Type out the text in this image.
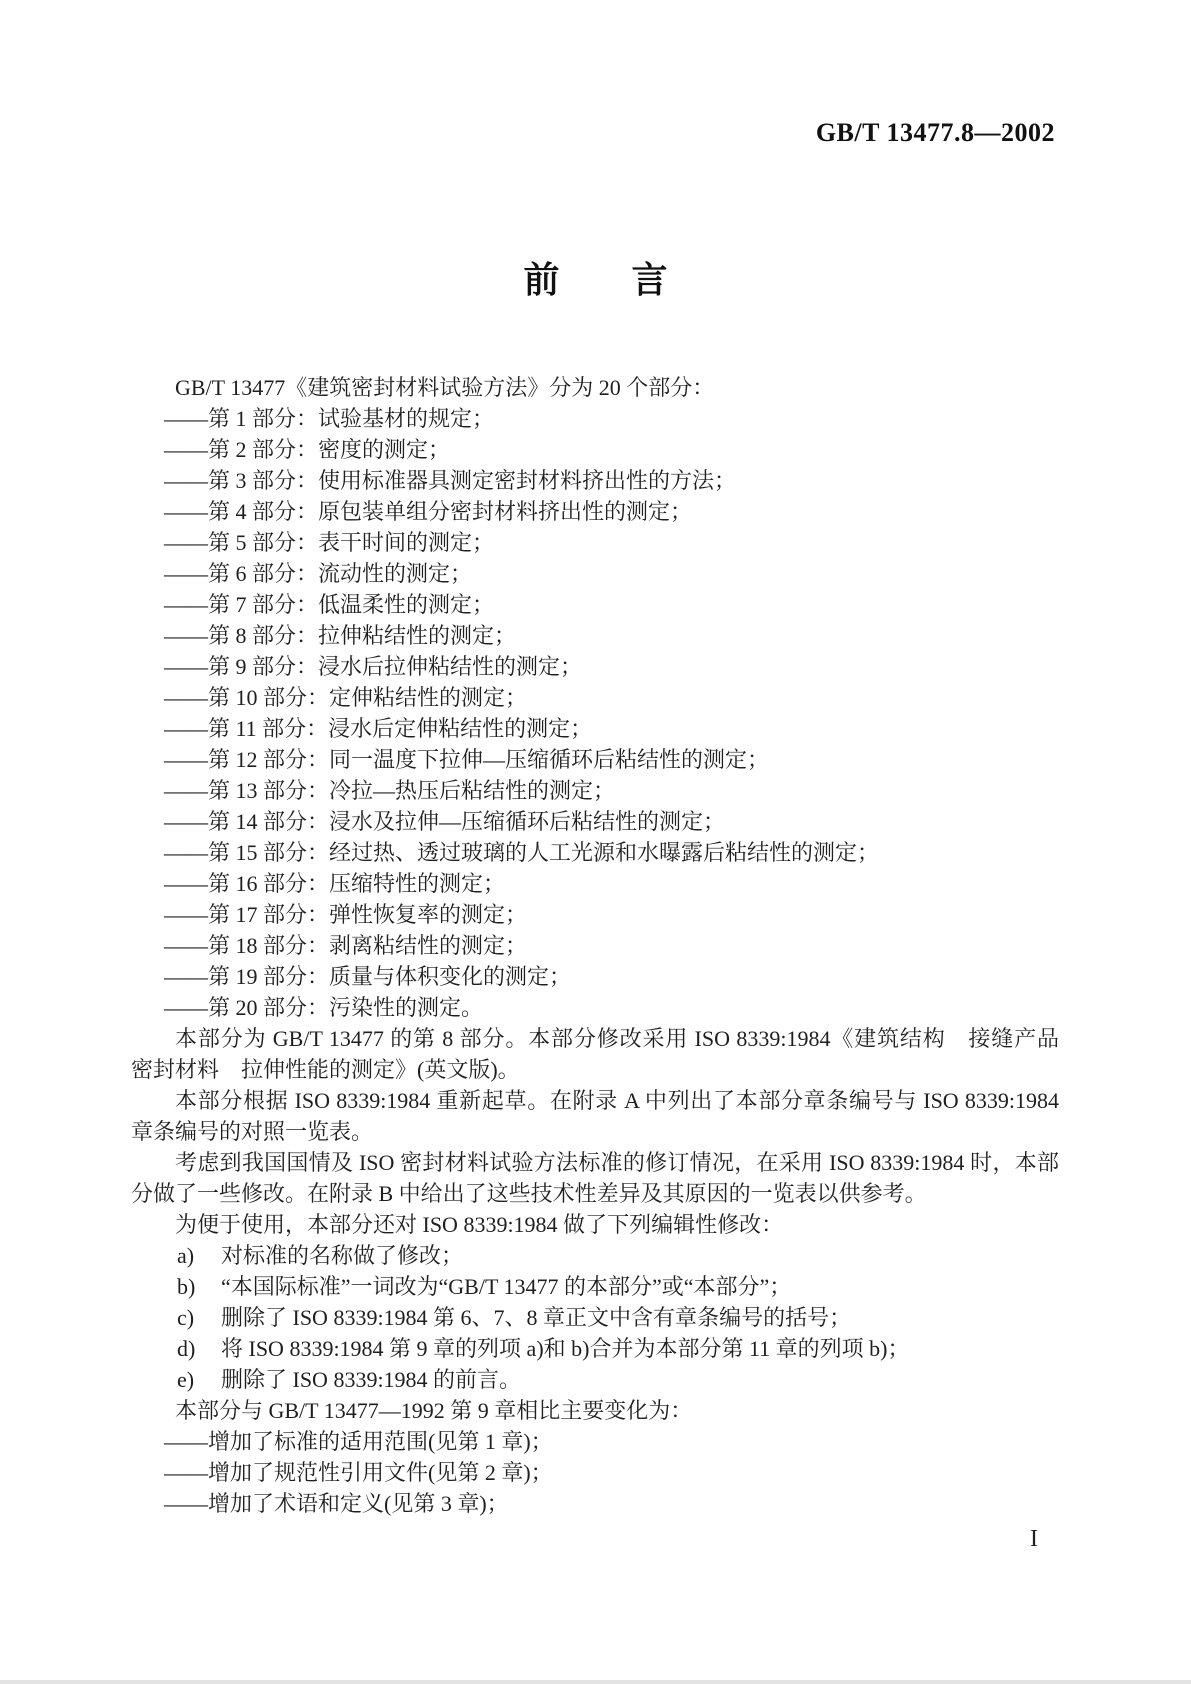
GB/T 13477.8—2002
前　　言

GB/T 13477《建筑密封材料试验方法》分为 20 个部分：

——第 1 部分：试验基材的规定；
——第 2 部分：密度的测定；
——第 3 部分：使用标准器具测定密封材料挤出性的方法；
——第 4 部分：原包装单组分密封材料挤出性的测定；
——第 5 部分：表干时间的测定；
——第 6 部分：流动性的测定；
——第 7 部分：低温柔性的测定；
——第 8 部分：拉伸粘结性的测定；
——第 9 部分：浸水后拉伸粘结性的测定；
——第 10 部分：定伸粘结性的测定；
——第 11 部分：浸水后定伸粘结性的测定；
——第 12 部分：同一温度下拉伸—压缩循环后粘结性的测定；
——第 13 部分：冷拉—热压后粘结性的测定；
——第 14 部分：浸水及拉伸—压缩循环后粘结性的测定；
——第 15 部分：经过热、透过玻璃的人工光源和水曝露后粘结性的测定；
——第 16 部分：压缩特性的测定；
——第 17 部分：弹性恢复率的测定；
——第 18 部分：剥离粘结性的测定；
——第 19 部分：质量与体积变化的测定；
——第 20 部分：污染性的测定。

本部分为 GB/T 13477 的第 8 部分。本部分修改采用 ISO 8339:1984《建筑结构　接缝产品　密封材料　拉伸性能的测定》(英文版)。

本部分根据 ISO 8339:1984 重新起草。在附录 A 中列出了本部分章条编号与 ISO 8339:1984 章条编号的对照一览表。

考虑到我国国情及 ISO 密封材料试验方法标准的修订情况，在采用 ISO 8339:1984 时，本部分做了一些修改。在附录 B 中给出了这些技术性差异及其原因的一览表以供参考。

为便于使用，本部分还对 ISO 8339:1984 做了下列编辑性修改：

a)	对标准的名称做了修改；
b)	“本国际标准”一词改为“GB/T 13477 的本部分”或“本部分”；
c)	删除了 ISO 8339:1984 第 6、7、8 章正文中含有章条编号的括号；
d)	将 ISO 8339:1984 第 9 章的列项 a)和 b)合并为本部分第 11 章的列项 b)；
e)	删除了 ISO 8339:1984 的前言。

本部分与 GB/T 13477—1992 第 9 章相比主要变化为：

——增加了标准的适用范围(见第 1 章)；
——增加了规范性引用文件(见第 2 章)；
——增加了术语和定义(见第 3 章)；
I
